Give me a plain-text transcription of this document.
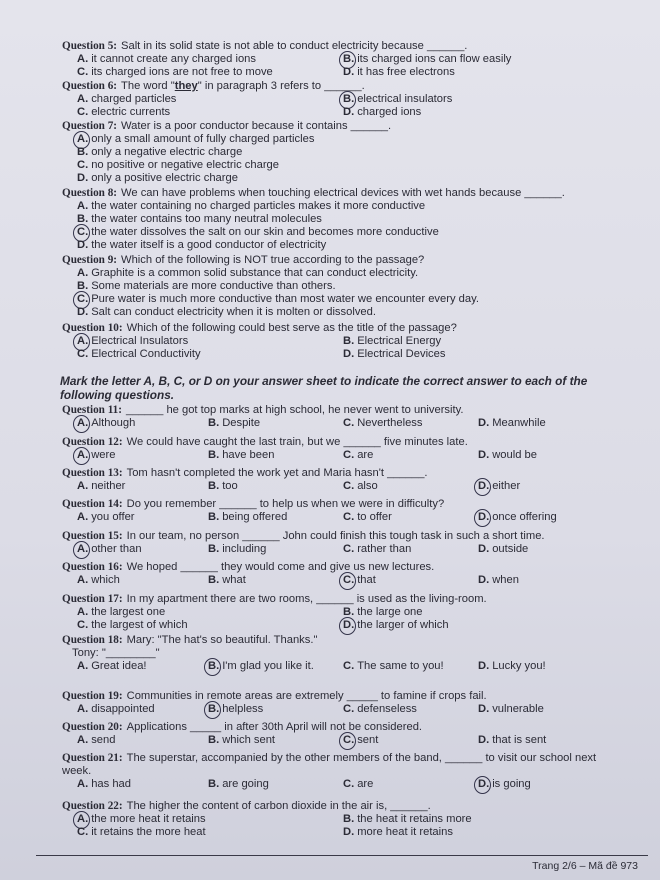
Question 5: Salt in its solid state is not able to conduct electricity because ______.
A. it cannot create any charged ions	B. its charged ions can flow easily
C. its charged ions are not free to move	D. it has free electrons
Question 6: The word "they" in paragraph 3 refers to ______.
A. charged particles	B. electrical insulators
C. electric currents	D. charged ions
Question 7: Water is a poor conductor because it contains ______.
A. only a small amount of fully charged particles
B. only a negative electric charge
C. no positive or negative electric charge
D. only a positive electric charge
Question 8: We can have problems when touching electrical devices with wet hands because ______.
A. the water containing no charged particles makes it more conductive
B. the water contains too many neutral molecules
C. the water dissolves the salt on our skin and becomes more conductive
D. the water itself is a good conductor of electricity
Question 9: Which of the following is NOT true according to the passage?
A. Graphite is a common solid substance that can conduct electricity.
B. Some materials are more conductive than others.
C. Pure water is much more conductive than most water we encounter every day.
D. Salt can conduct electricity when it is molten or dissolved.
Question 10: Which of the following could best serve as the title of the passage?
A. Electrical Insulators	B. Electrical Energy
C. Electrical Conductivity	D. Electrical Devices
Question 11: ______ he got top marks at high school, he never went to university.
A. Although	B. Despite	C. Nevertheless	D. Meanwhile
Question 12: We could have caught the last train, but we ______ five minutes late.
A. were	B. have been	C. are	D. would be
Question 13: Tom hasn't completed the work yet and Maria hasn't ______.
A. neither	B. too	C. also	D. either
Question 14: Do you remember ______ to help us when we were in difficulty?
A. you offer	B. being offered	C. to offer	D. once offering
Question 15: In our team, no person ______ John could finish this tough task in such a short time.
A. other than	B. including	C. rather than	D. outside
Question 16: We hoped ______ they would come and give us new lectures.
A. which	B. what	C. that	D. when
Question 17: In my apartment there are two rooms, ______ is used as the living-room.
A. the largest one	B. the large one
C. the largest of which	D. the larger of which
Question 18: Mary: "The hat's so beautiful. Thanks."
Tony: "________"
A. Great idea!	B. I'm glad you like it.	C. The same to you!	D. Lucky you!
Question 19: Communities in remote areas are extremely _____ to famine if crops fail.
A. disappointed	B. helpless	C. defenseless	D. vulnerable
Question 20: Applications _____ in after 30th April will not be considered.
A. send	B. which sent	C. sent	D. that is sent
Question 21: The superstar, accompanied by the other members of the band, ______ to visit our school next
week.
A. has had	B. are going	C. are	D. is going
Question 22: The higher the content of carbon dioxide in the air is, ______.
A. the more heat it retains	B. the heat it retains more
C. it retains the more heat	D. more heat it retains
Mark the letter A, B, C, or D on your answer sheet to indicate the correct answer to each of the following questions.
Trang 2/6 – Mã đề 973
